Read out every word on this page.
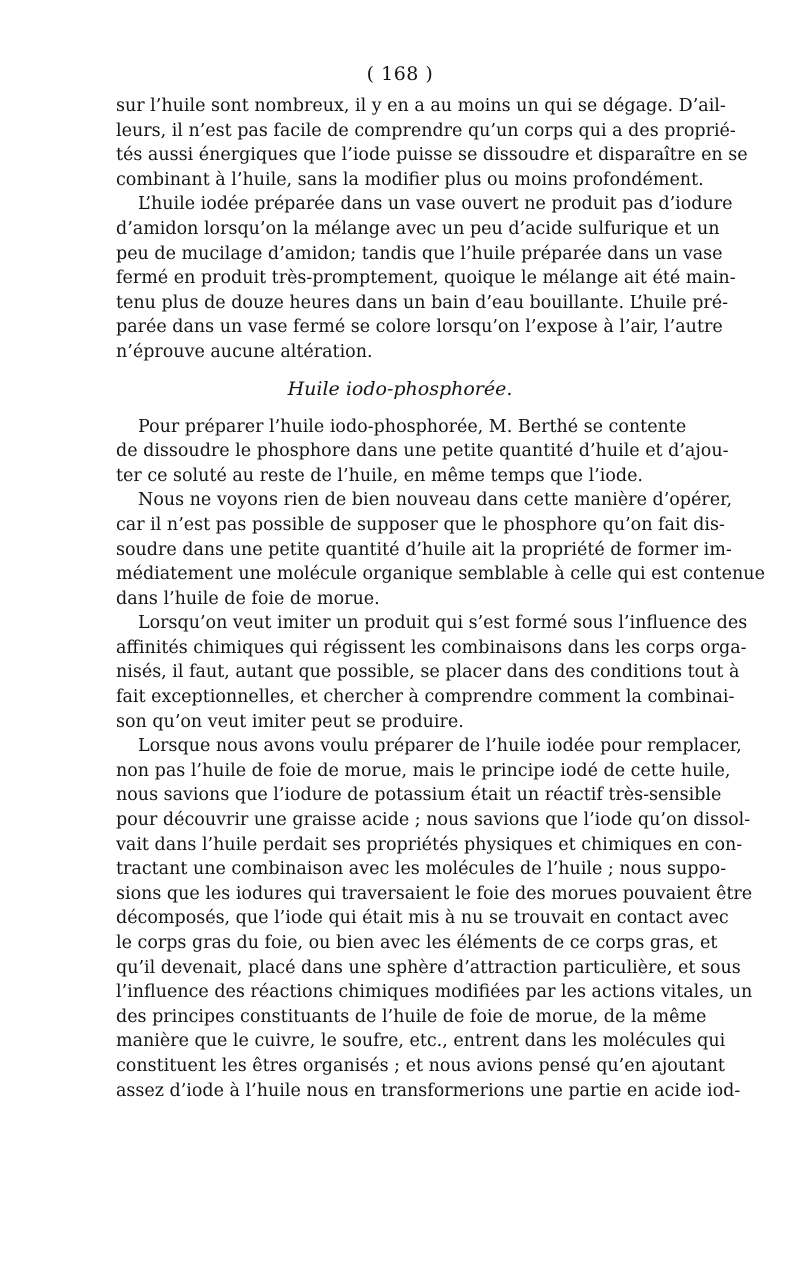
( 168 )
sur l’huile sont nombreux, il y en a au moins un qui se dégage. D’ail-
leurs, il n’est pas facile de comprendre qu’un corps qui a des proprié-
tés aussi énergiques que l’iode puisse se dissoudre et disparaître en se
combinant à l’huile, sans la modifier plus ou moins profondément.
L’huile iodée préparée dans un vase ouvert ne produit pas d’iodure
d’amidon lorsqu’on la mélange avec un peu d’acide sulfurique et un
peu de mucilage d’amidon; tandis que l’huile préparée dans un vase
fermé en produit très-promptement, quoique le mélange ait été main-
tenu plus de douze heures dans un bain d’eau bouillante. L’huile pré-
parée dans un vase fermé se colore lorsqu’on l’expose à l’air, l’autre
n’éprouve aucune altération.
Huile iodo-phosphorée.
Pour préparer l’huile iodo-phosphorée, M. Berthé se contente
de dissoudre le phosphore dans une petite quantité d’huile et d’ajou-
ter ce soluté au reste de l’huile, en même temps que l’iode.
Nous ne voyons rien de bien nouveau dans cette manière d’opérer,
car il n’est pas possible de supposer que le phosphore qu’on fait dis-
soudre dans une petite quantité d’huile ait la propriété de former im-
médiatement une molécule organique semblable à celle qui est contenue
dans l’huile de foie de morue.
Lorsqu’on veut imiter un produit qui s’est formé sous l’influence des
affinités chimiques qui régissent les combinaisons dans les corps orga-
nisés, il faut, autant que possible, se placer dans des conditions tout à
fait exceptionnelles, et chercher à comprendre comment la combinai-
son qu’on veut imiter peut se produire.
Lorsque nous avons voulu préparer de l’huile iodée pour remplacer,
non pas l’huile de foie de morue, mais le principe iodé de cette huile,
nous savions que l’iodure de potassium était un réactif très-sensible
pour découvrir une graisse acide ; nous savions que l’iode qu’on dissol-
vait dans l’huile perdait ses propriétés physiques et chimiques en con-
tractant une combinaison avec les molécules de l’huile ; nous suppo-
sions que les iodures qui traversaient le foie des morues pouvaient être
décomposés, que l’iode qui était mis à nu se trouvait en contact avec
le corps gras du foie, ou bien avec les éléments de ce corps gras, et
qu’il devenait, placé dans une sphère d’attraction particulière, et sous
l’influence des réactions chimiques modifiées par les actions vitales, un
des principes constituants de l’huile de foie de morue, de la même
manière que le cuivre, le soufre, etc., entrent dans les molécules qui
constituent les êtres organisés ; et nous avions pensé qu’en ajoutant
assez d’iode à l’huile nous en transformerions une partie en acide iod-
